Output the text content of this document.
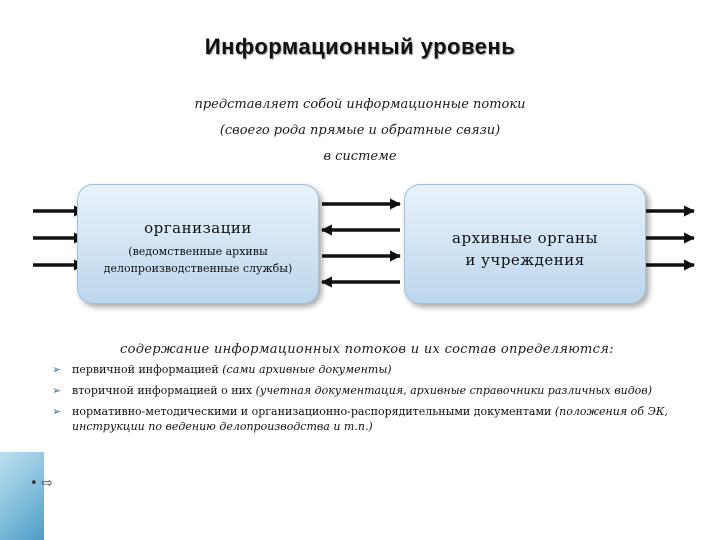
Информационный уровень
представляет собой информационные потоки
(своего рода прямые и обратные связи)
в системе
организации
(ведомственные архивы
делопроизводственные службы)
архивные органы
и учреждения
содержание информационных потоков и их состав определяются:
➢ первичной информацией (сами архивные документы)
➢ вторичной информацией о них (учетная документация, архивные справочники различных видов)
➢ нормативно-методическими и организационно-распорядительными документами (положения об ЭК, инструкции по ведению делопроизводства и т.п.)
• ⇨
